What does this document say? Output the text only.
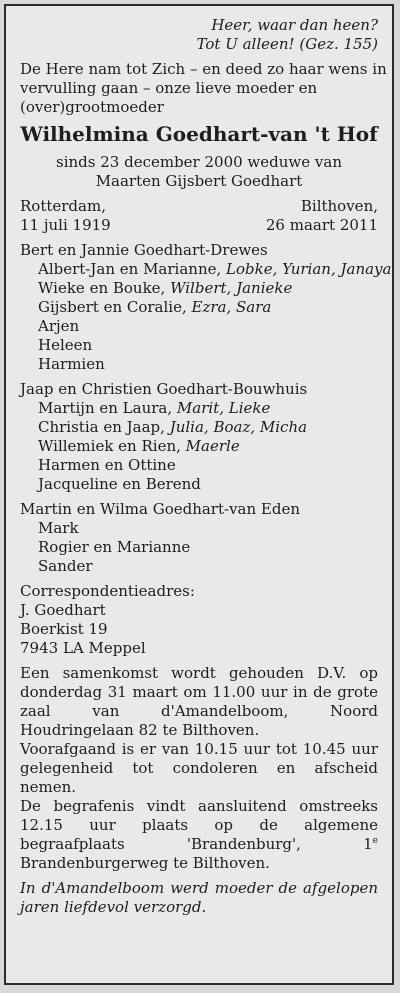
Heer, waar dan heen?
Tot U alleen! (Gez. 155)
De Here nam tot Zich – en deed zo haar wens in
vervulling gaan – onze lieve moeder en
(over)grootmoeder
Wilhelmina Goedhart-van 't Hof
sinds 23 december 2000 weduwe van
Maarten Gijsbert Goedhart
Rotterdam,	Bilthoven,
11 juli 1919	26 maart 2011
Bert en Jannie Goedhart-Drewes
Albert-Jan en Marianne, Lobke, Yurian, Janaya
Wieke en Bouke, Wilbert, Janieke
Gijsbert en Coralie, Ezra, Sara
Arjen
Heleen
Harmien
Jaap en Christien Goedhart-Bouwhuis
Martijn en Laura, Marit, Lieke
Christia en Jaap, Julia, Boaz, Micha
Willemiek en Rien, Maerle
Harmen en Ottine
Jacqueline en Berend
Martin en Wilma Goedhart-van Eden
Mark
Rogier en Marianne
Sander
Correspondentieadres:
J. Goedhart
Boerkist 19
7943 LA Meppel
Een samenkomst wordt gehouden D.V. op donderdag 31 maart om 11.00 uur in de grote zaal van d'Amandelboom, Noord Houdringelaan 82 te Bilthoven.
Voorafgaand is er van 10.15 uur tot 10.45 uur gelegenheid tot condoleren en afscheid nemen.
De begrafenis vindt aansluitend omstreeks 12.15 uur plaats op de algemene begraafplaats 'Brandenburg', 1e Brandenburgerweg te Bilthoven.
In d'Amandelboom werd moeder de afgelopen jaren liefdevol verzorgd.
